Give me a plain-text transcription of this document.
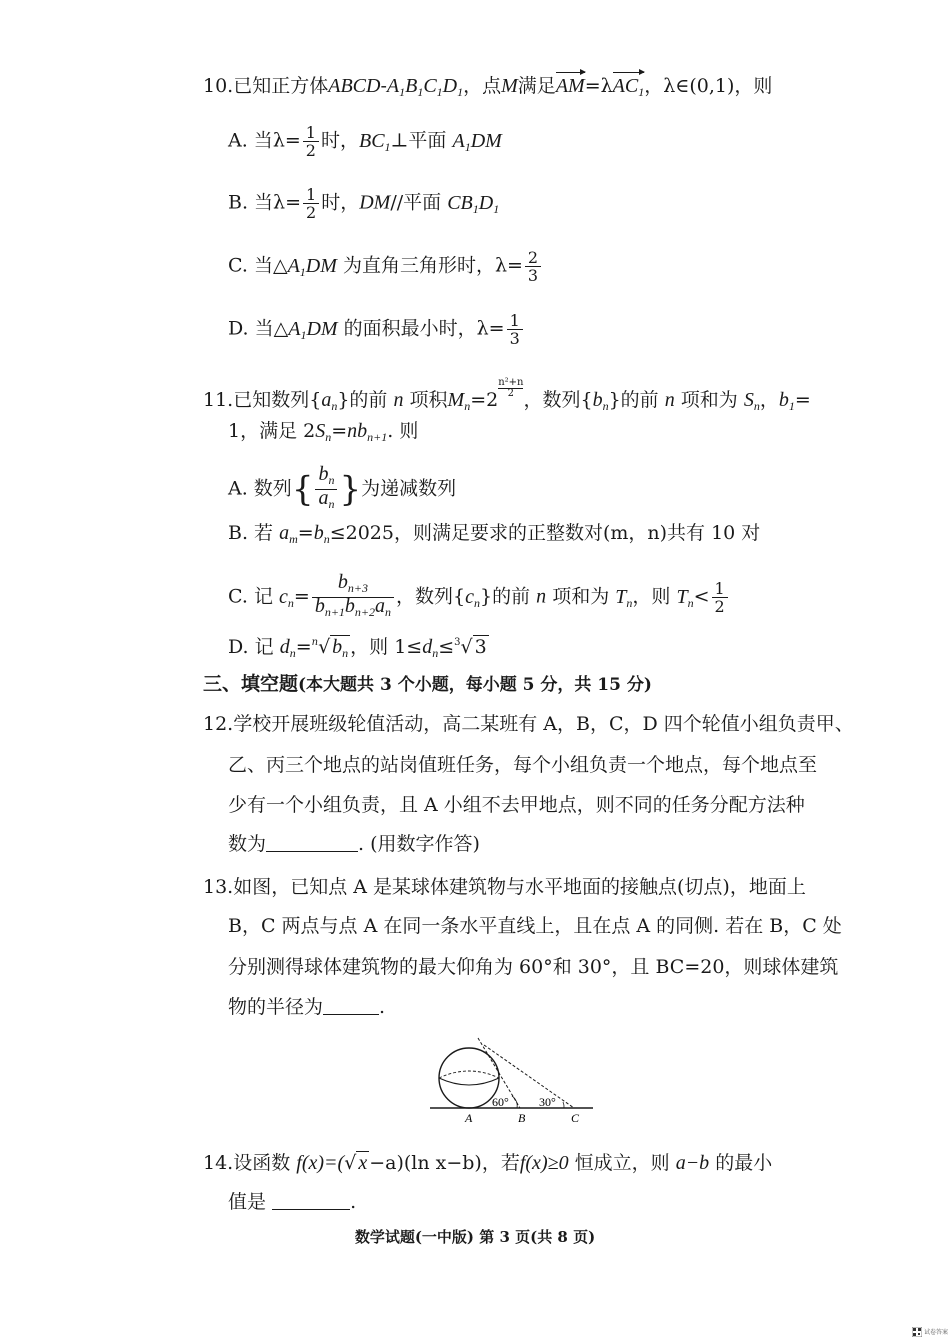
10.已知正方体ABCD-$A_1B_1C_1D_1$，点M满足AM=λAC$_1$，λ∈(0,1)，则
A. 当$\lambda= \frac{1}{2}$ 时，$BC_1\perp$平面 $A_1DM$
B. 当$\lambda= \frac{1}{2}$ 时，DM//平面 $CB_1D_1$
C. 当$\triangle A_1DM$ 为直角三角形时，$\lambda= \frac{2}{3}$
D. 当$\triangle A_1DM$ 的面积最小时，$\lambda= \frac{1}{3}$
11.已知数列$\{a_n\}$的前 n 项积$M_n=2$
$\frac{\text{n²+n}}{2}$
，数列$\{b_n\}$的前 n 项和为 $S_n$，$b_1=$
1，满足 $2S_n=nb_{n+1}$. 则
A. 数列{ $\frac{b_n}{a_n}$ }为递减数列
B. 若 $a_m=b_n\le 2025$，则满足要求的正整数对(m，n)共有 10 对
C. 记 $c_n= \frac{b_{n+3}}{b_{n+1}b_{n+2}a_n}$ ，数列$\{c_n\}$的前 n 项和为 $T_n$，则 $T_n< \frac{1}{2}$
D. 记 $d_n=^n√$ $b_n$ ，则 $1\le d_n\le^3√$ 3
三、填空题(本大题共 3 个小题，每小题 5 分，共 15 分)
12.学校开展班级轮值活动，高二某班有 A，B，C，D 四个轮值小组负责甲、
乙、丙三个地点的站岗值班任务，每个小组负责一个地点，每个地点至
少有一个小组负责，且 A 小组不去甲地点，则不同的任务分配方法种
数为	. (用数字作答)
13.如图，已知点 A 是某球体建筑物与水平地面的接触点(切点)，地面上
B，C 两点与点 A 在同一条水平直线上，且在点 A 的同侧. 若在 B，C 处
分别测得球体建筑物的最大仰角为 60°和 30°，且 BC=20，则球体建筑
物的半径为	.
60°	30°
A	B	C
14.设函数 f(x)=(√ x −a)(ln x−b)，若f(x)≥0 恒成立，则 a−b 的最小
值是	.
数学试题(一中版) 第 3 页(共 8 页)
试卷答案
